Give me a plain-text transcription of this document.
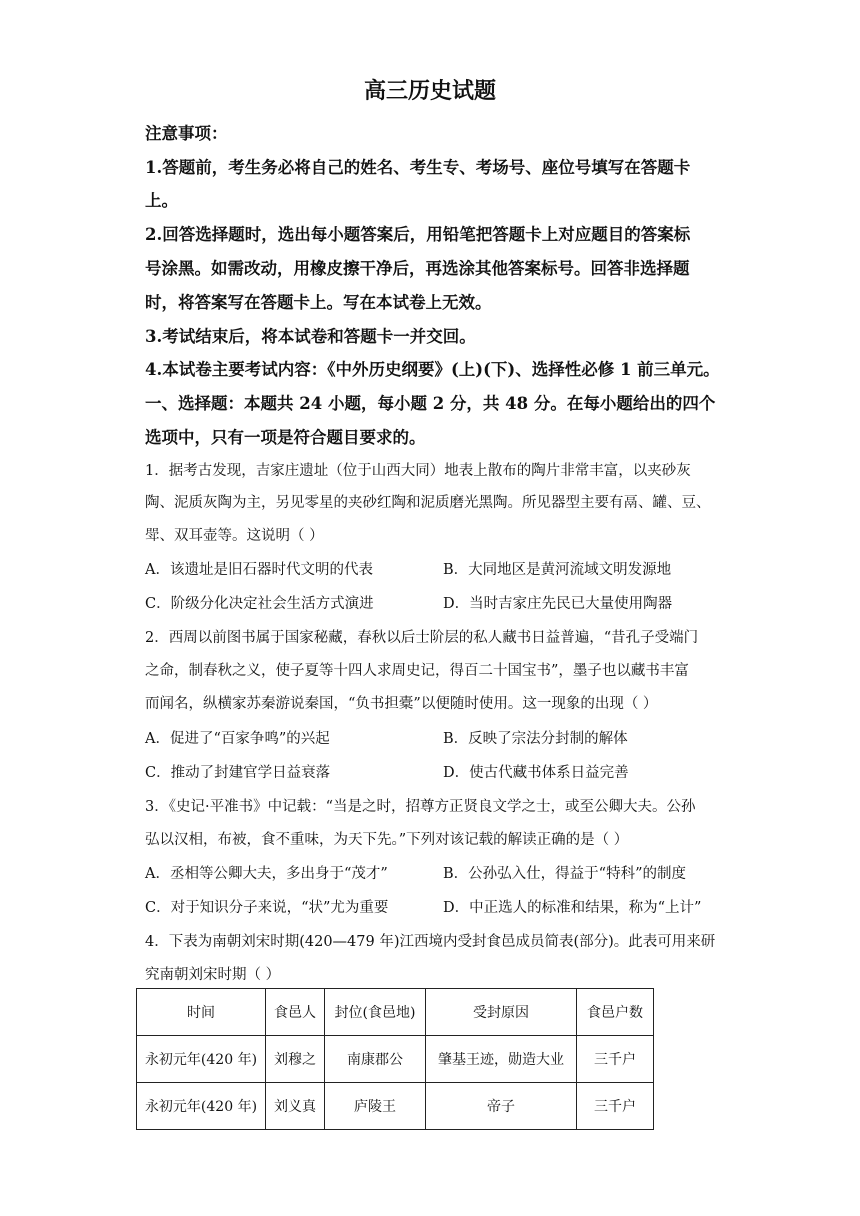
高三历史试题
注意事项：
1.答题前，考生务必将自己的姓名、考生专、考场号、座位号填写在答题卡
上。
2.回答选择题时，选出每小题答案后，用铅笔把答题卡上对应题目的答案标
号涂黑。如需改动，用橡皮擦干净后，再选涂其他答案标号。回答非选择题
时，将答案写在答题卡上。写在本试卷上无效。
3.考试结束后，将本试卷和答题卡一并交回。
4.本试卷主要考试内容：《中外历史纲要》(上)(下)、选择性必修 1 前三单元。
一、选择题：本题共 24 小题，每小题 2 分，共 48 分。在每小题给出的四个
选项中，只有一项是符合题目要求的。
1．据考古发现，吉家庄遗址（位于山西大同）地表上散布的陶片非常丰富，以夹砂灰
陶、泥质灰陶为主，另见零星的夹砂红陶和泥质磨光黑陶。所见器型主要有鬲、罐、豆、
斝、双耳壶等。这说明（ ）
A．该遗址是旧石器时代文明的代表	B．大同地区是黄河流域文明发源地
C．阶级分化决定社会生活方式演进	D．当时吉家庄先民已大量使用陶器
2．西周以前图书属于国家秘藏，春秋以后士阶层的私人藏书日益普遍，“昔孔子受端门
之命，制春秋之义，使子夏等十四人求周史记，得百二十国宝书”，墨子也以藏书丰富
而闻名，纵横家苏秦游说秦国，“负书担橐”以便随时使用。这一现象的出现（ ）
A．促进了“百家争鸣”的兴起	B．反映了宗法分封制的解体
C．推动了封建官学日益衰落	D．使古代藏书体系日益完善
3．《史记·平准书》中记载：“当是之时，招尊方正贤良文学之士，或至公卿大夫。公孙
弘以汉相，布被，食不重味，为天下先。”下列对该记载的解读正确的是（ ）
A．丞相等公卿大夫，多出身于“茂才”	B．公孙弘入仕，得益于“特科”的制度
C．对于知识分子来说，“状”尤为重要	D．中正选人的标准和结果，称为“上计”
4．下表为南朝刘宋时期(420—479 年)江西境内受封食邑成员简表(部分)。此表可用来研
究南朝刘宋时期（ ）
时间	食邑人	封位(食邑地)	受封原因	食邑户数
永初元年(420 年)	刘穆之	南康郡公	肇基王迹，勋造大业	三千户
永初元年(420 年)	刘义真	庐陵王	帝子	三千户
